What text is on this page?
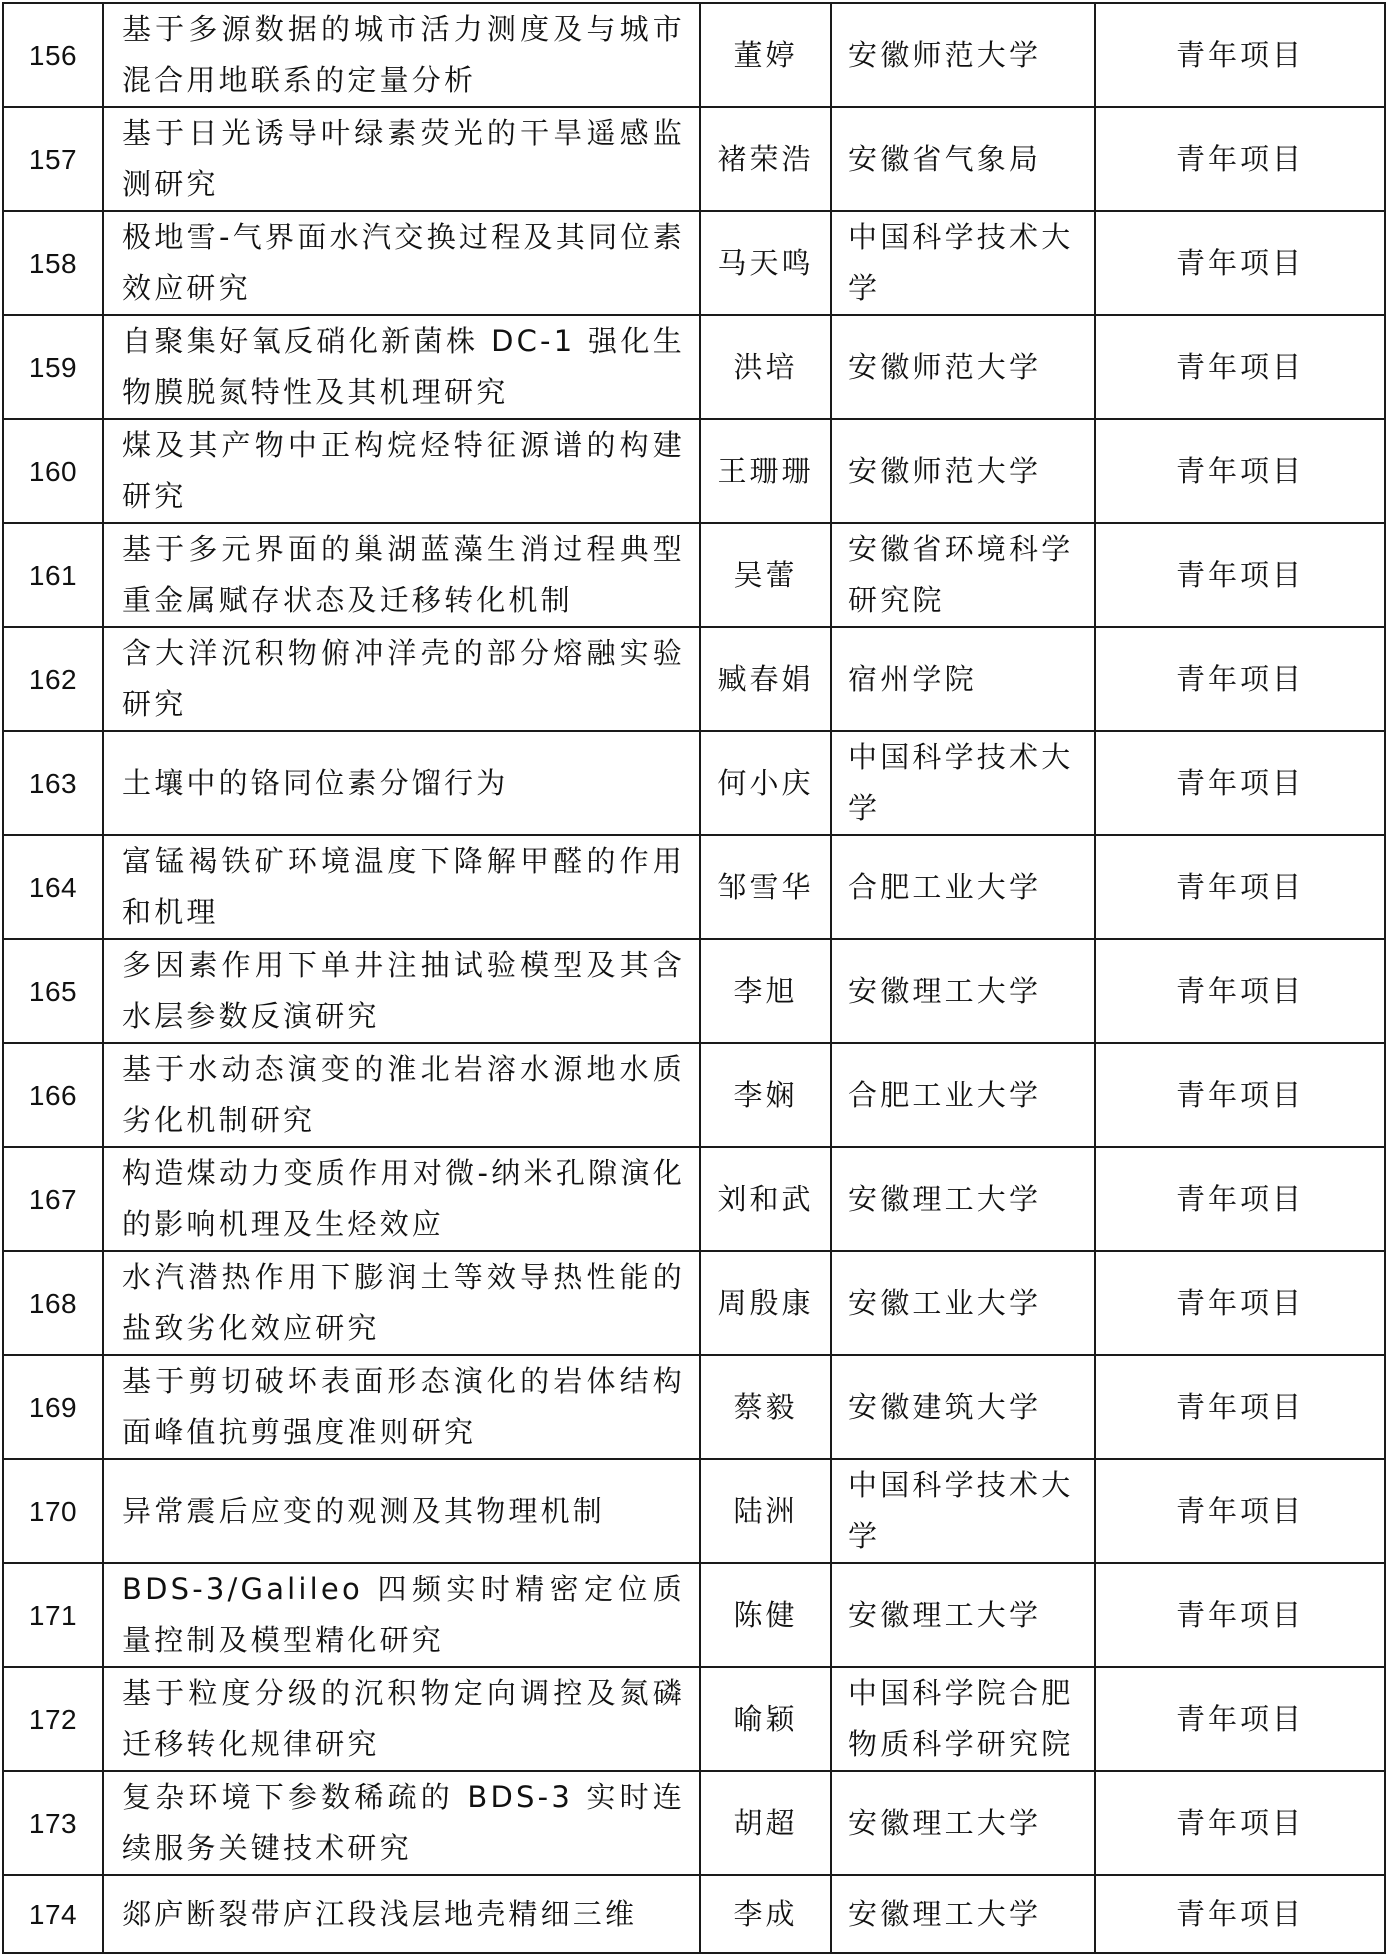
156	基于多源数据的城市活力测度及与城市混合用地联系的定量分析	董婷	安徽师范大学	青年项目
157	基于日光诱导叶绿素荧光的干旱遥感监测研究	褚荣浩	安徽省气象局	青年项目
158	极地雪-气界面水汽交换过程及其同位素效应研究	马天鸣	中国科学技术大学	青年项目
159	自聚集好氧反硝化新菌株 DC-1 强化生物膜脱氮特性及其机理研究	洪培	安徽师范大学	青年项目
160	煤及其产物中正构烷烃特征源谱的构建研究	王珊珊	安徽师范大学	青年项目
161	基于多元界面的巢湖蓝藻生消过程典型重金属赋存状态及迁移转化机制	吴蕾	安徽省环境科学研究院	青年项目
162	含大洋沉积物俯冲洋壳的部分熔融实验研究	臧春娟	宿州学院	青年项目
163	土壤中的铬同位素分馏行为	何小庆	中国科学技术大学	青年项目
164	富锰褐铁矿环境温度下降解甲醛的作用和机理	邹雪华	合肥工业大学	青年项目
165	多因素作用下单井注抽试验模型及其含水层参数反演研究	李旭	安徽理工大学	青年项目
166	基于水动态演变的淮北岩溶水源地水质劣化机制研究	李娴	合肥工业大学	青年项目
167	构造煤动力变质作用对微-纳米孔隙演化的影响机理及生烃效应	刘和武	安徽理工大学	青年项目
168	水汽潜热作用下膨润土等效导热性能的盐致劣化效应研究	周殷康	安徽工业大学	青年项目
169	基于剪切破坏表面形态演化的岩体结构面峰值抗剪强度准则研究	蔡毅	安徽建筑大学	青年项目
170	异常震后应变的观测及其物理机制	陆洲	中国科学技术大学	青年项目
171	BDS-3/Galileo 四频实时精密定位质量控制及模型精化研究	陈健	安徽理工大学	青年项目
172	基于粒度分级的沉积物定向调控及氮磷迁移转化规律研究	喻颖	中国科学院合肥物质科学研究院	青年项目
173	复杂环境下参数稀疏的 BDS-3 实时连续服务关键技术研究	胡超	安徽理工大学	青年项目
174	郯庐断裂带庐江段浅层地壳精细三维	李成	安徽理工大学	青年项目
